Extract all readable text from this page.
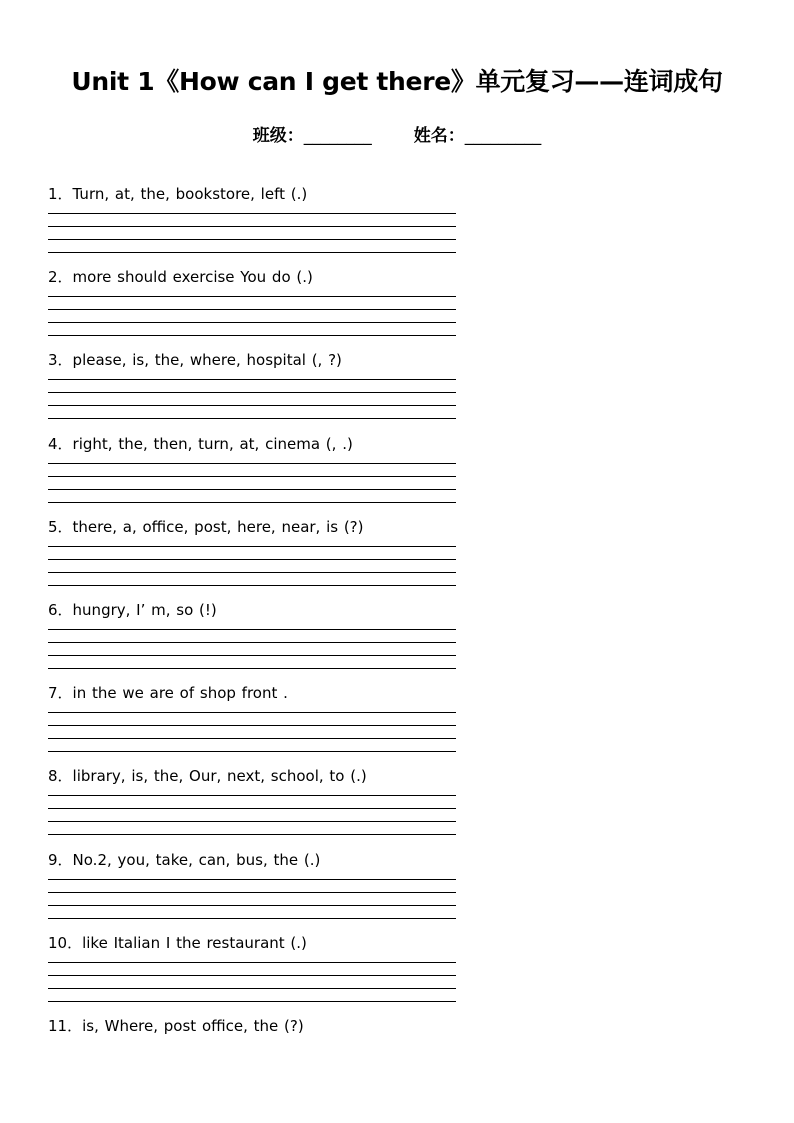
Unit 1《How can I get there》单元复习——连词成句
班级：________ 姓名：_________
1．Turn, at, the, bookstore, left (.)
2．more should exercise You do (.)
3．please, is, the, where, hospital (, ?)
4．right, the, then, turn, at, cinema (, .)
5．there, a, office, post, here, near, is (?)
6．hungry, I’ m, so (!)
7．in the we are of shop front .
8．library, is, the, Our, next, school, to (.)
9．No.2, you, take, can, bus, the (.)
10．like Italian I the restaurant (.)
11．is, Where, post office, the (?)
